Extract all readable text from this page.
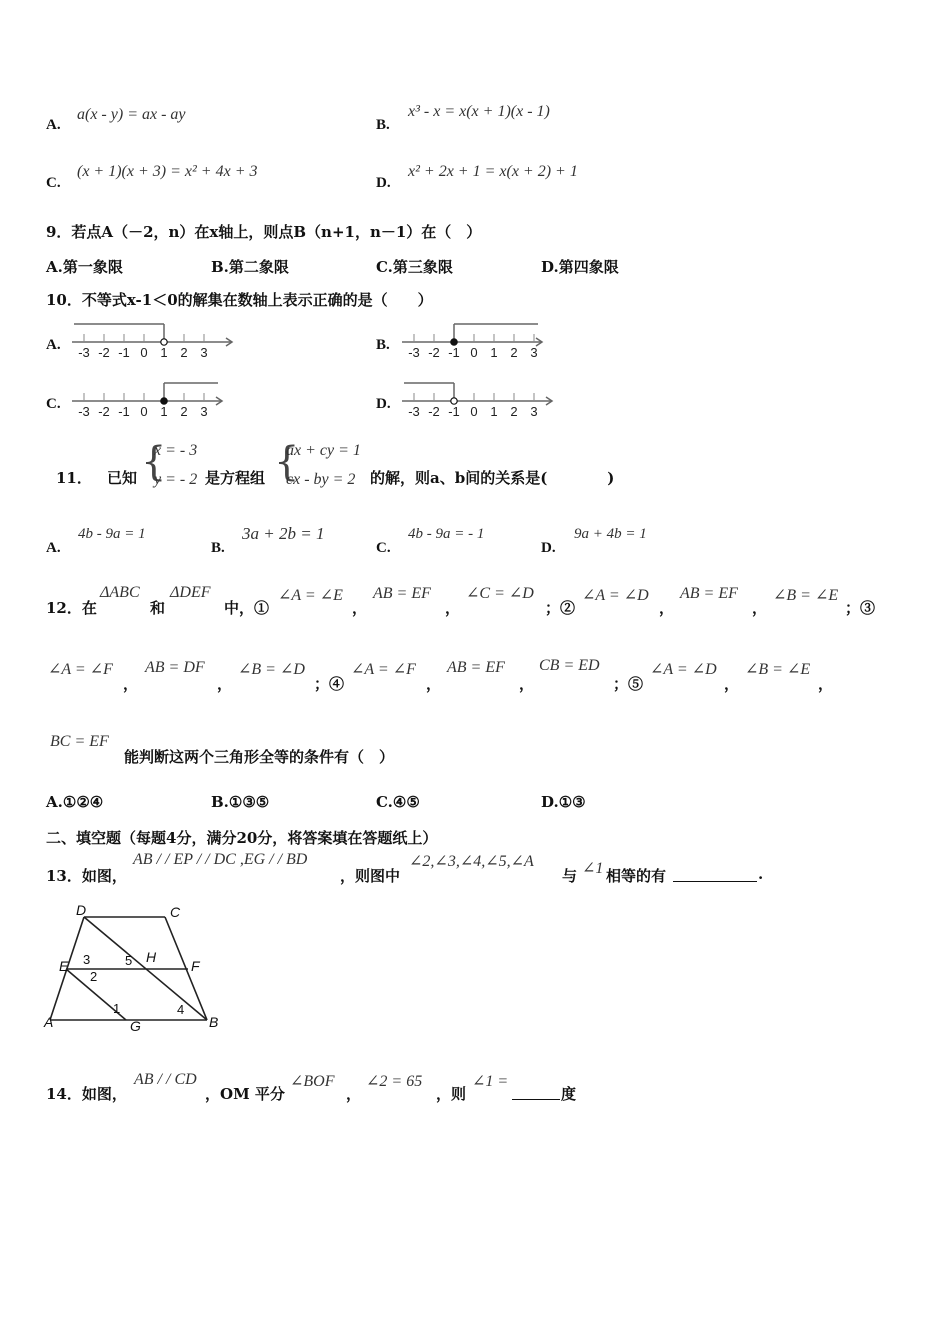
A.
a(x - y) = ax - ay
B.
x³ - x = x(x + 1)(x - 1)
C.
(x + 1)(x + 3) = x² + 4x + 3
D.
x² + 2x + 1 = x(x + 2) + 1
9．若点A（－2，n）在x轴上，则点B（n+1，n－1）在（　）
A.第一象限	B.第二象限	C.第三象限	D.第四象限
10．不等式x-1＜0的解集在数轴上表示正确的是（　　）
A. -3 -2 -1 0 1 2 3	B. -3 -2 -1 0 1 2 3
C. -3 -2 -1 0 1 2 3	D. -3 -2 -1 0 1 2 3
11． 已知 {
x = - 3
y = - 2 是方程组 {
ax + cy = 1
cx - by = 2 的解，则a、b间的关系是(　　　　)
A.
4b - 9a = 1
B.
3a + 2b = 1
C.
4b - 9a = - 1
D.
9a + 4b = 1
12．在
ΔABC
和
ΔDEF
中，①
∠A = ∠E
，
AB = EF
，
∠C = ∠D
；②
∠A = ∠D
，
AB = EF
，
∠B = ∠E
；③
∠A = ∠F
，
AB = DF
，
∠B = ∠D
；④
∠A = ∠F
，
AB = EF
，
CB = ED
；⑤
∠A = ∠D
，
∠B = ∠E
，
BC = EF
能判断这两个三角形全等的条件有（　）
A.①②④	B.①③⑤	C.④⑤	D.①③
二、填空题（每题4分，满分20分，将答案填在答题纸上）
13．如图，
AB / / EP / / DC ,EG / / BD
，则图中
∠2,∠3,∠4,∠5,∠A
与 ∠1 相等的有	.
D	C
E
H
F
A	G	B
1
2
3
4
5
14．如图，
AB / / CD
，OM 平分
∠BOF
，
∠2 = 65
，则
∠1 =
度
